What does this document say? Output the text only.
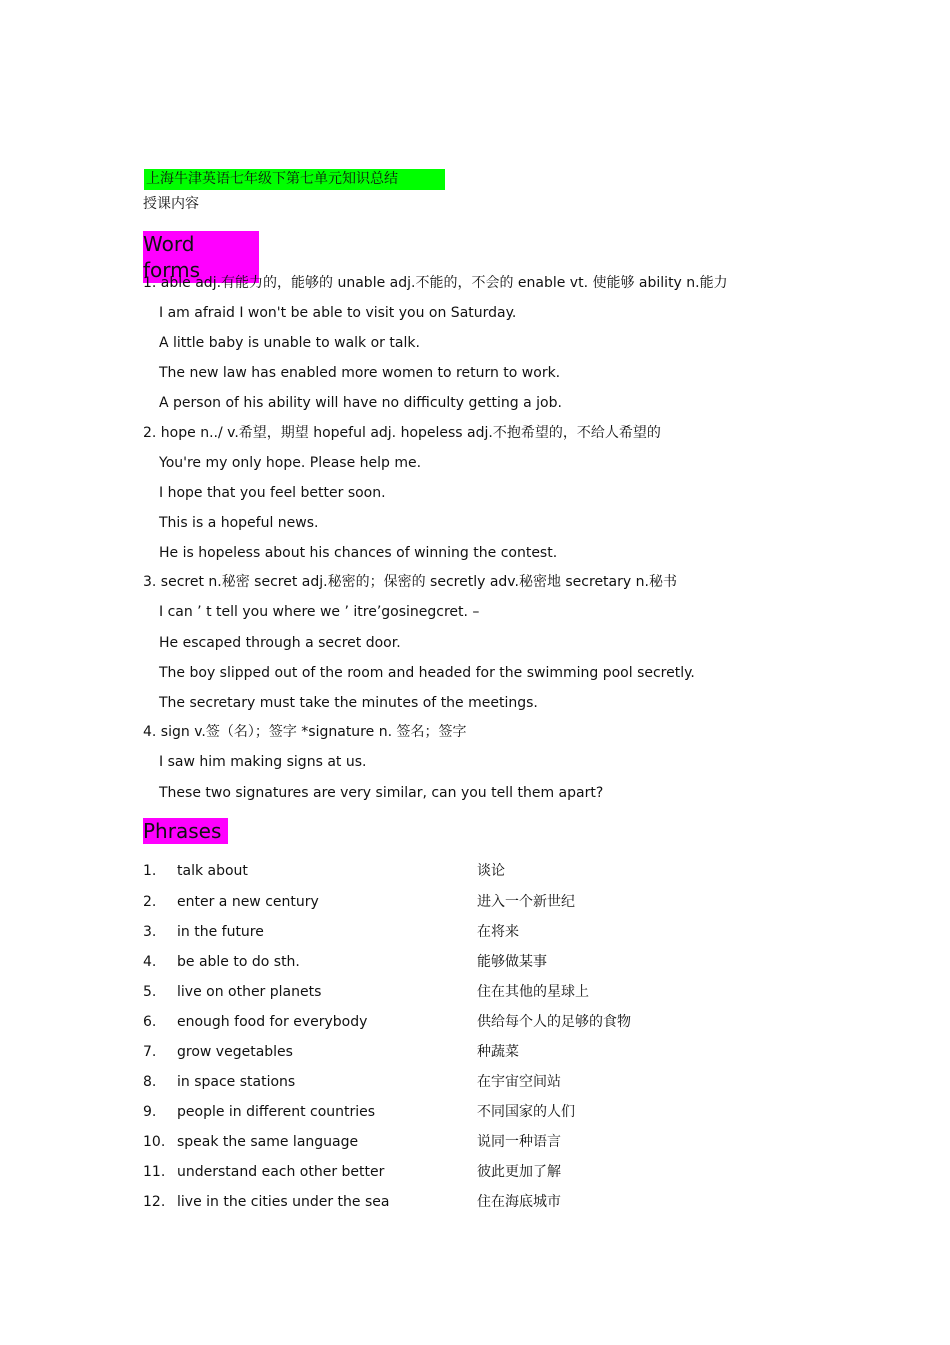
上海牛津英语七年级下第七单元知识总结
授课内容
Word forms
1. able adj.有能力的，能够的 unable adj.不能的，不会的 enable vt. 使能够 ability n.能力
I am afraid I won't be able to visit you on Saturday.
A little baby is unable to walk or talk.
The new law has enabled more women to return to work.
A person of his ability will have no difficulty getting a job.
2. hope n../ v.希望，期望 hopeful adj. hopeless adj.不抱希望的，不给人希望的
You're my only hope. Please help me.
I hope that you feel better soon.
This is a hopeful news.
He is hopeless about his chances of winning the contest.
3. secret n.秘密 secret adj.秘密的；保密的 secretly adv.秘密地 secretary n.秘书
I can ’ t tell you where we ’ itre’gosinegcret. –
He escaped through a secret door.
The boy slipped out of the room and headed for the swimming pool secretly.
The secretary must take the minutes of the meetings.
4. sign v.签（名）；签字 *signature n. 签名；签字
I saw him making signs at us.
These two signatures are very similar, can you tell them apart?
Phrases
1. talk about	谈论
2. enter a new century	进入一个新世纪
3. in the future	在将来
4. be able to do sth.	能够做某事
5. live on other planets	住在其他的星球上
6. enough food for everybody	供给每个人的足够的食物
7. grow vegetables	种蔬菜
8. in space stations	在宇宙空间站
9. people in different countries	不同国家的人们
10. speak the same language	说同一种语言
11. understand each other better	彼此更加了解
12. live in the cities under the sea	住在海底城市
